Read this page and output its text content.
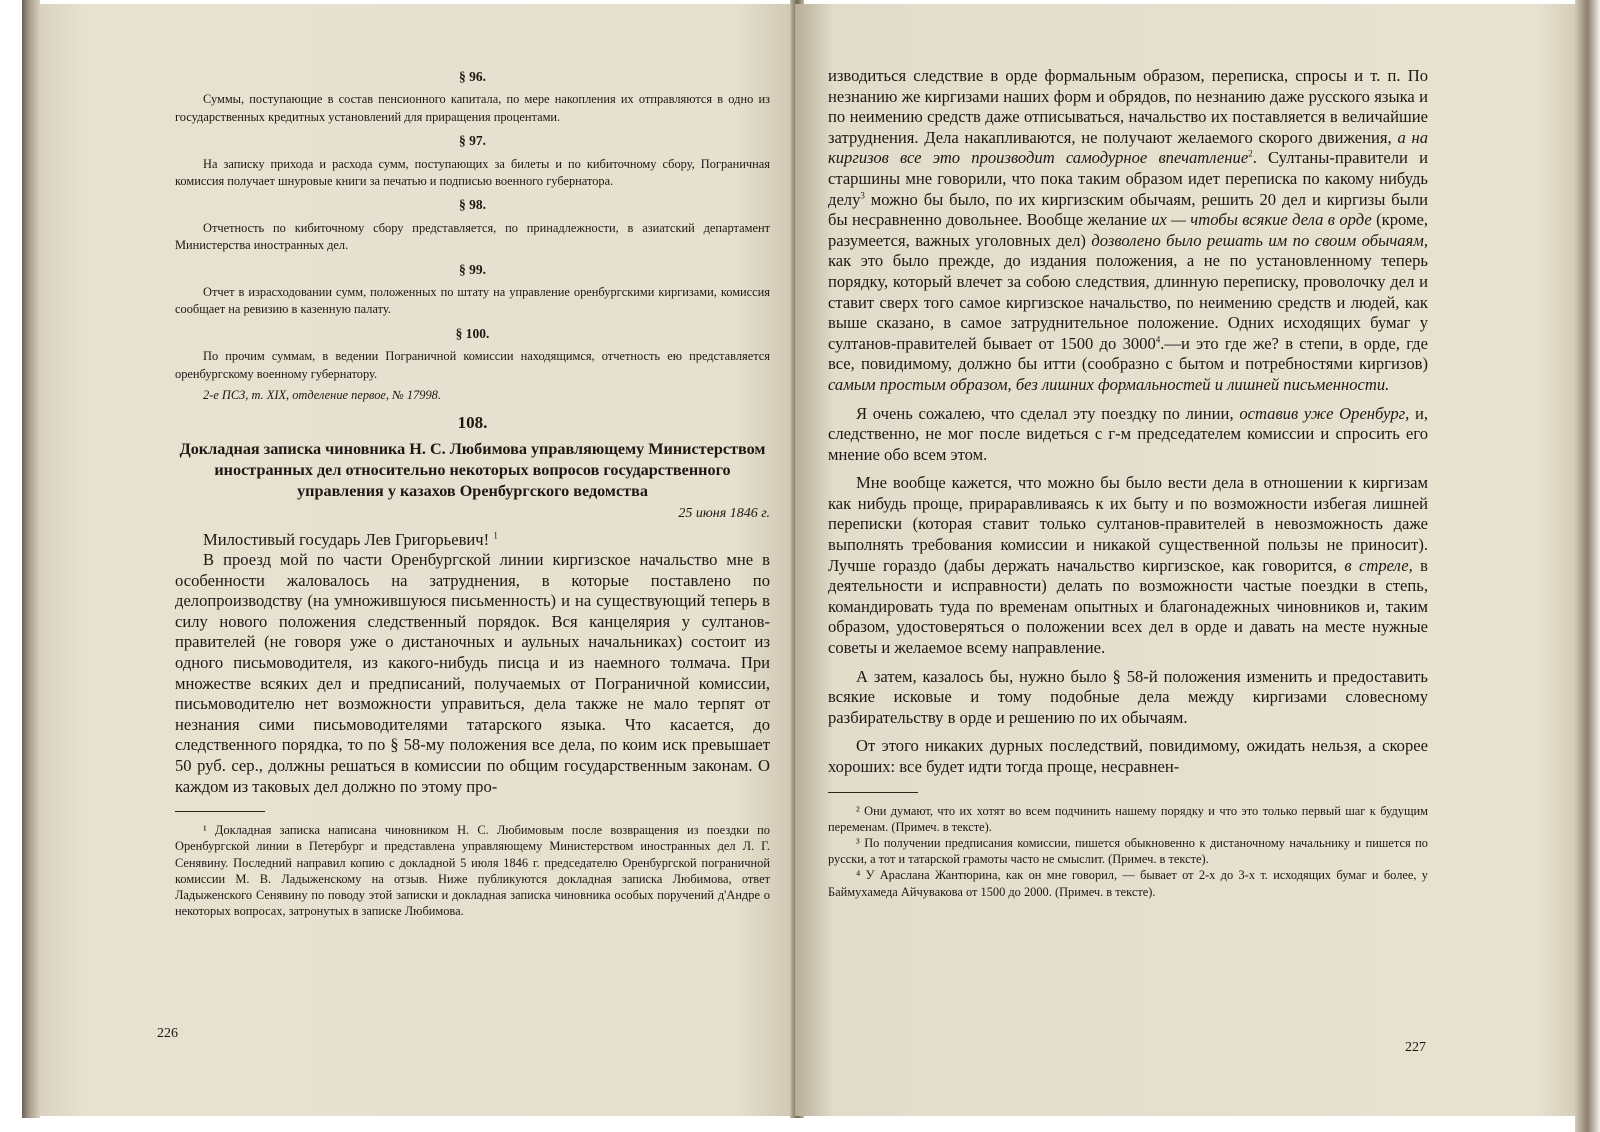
§ 96.

Суммы, поступающие в состав пенсионного капитала, по мере накопления их отправляются в одно из государственных кредитных установлений для приращения процентами.

§ 97.

На записку прихода и расхода сумм, поступающих за билеты и по кибиточному сбору, Пограничная комиссия получает шнуровые книги за печатью и подписью военного губернатора.

§ 98.

Отчетность по кибиточному сбору представляется, по принадлежности, в азиатский департамент Министерства иностранных дел.

§ 99.

Отчет в израсходовании сумм, положенных по штату на управление оренбургскими киргизами, комиссия сообщает на ревизию в казенную палату.

§ 100.

По прочим суммам, в ведении Пограничной комиссии находящимся, отчетность ею представляется оренбургскому военному губернатору.

2-е ПСЗ, т. XIX, отделение первое, № 17998.

108.
Докладная записка чиновника Н. С. Любимова управляющему Министерством иностранных дел относительно некоторых вопросов государственного управления у казахов Оренбургского ведомства
25 июня 1846 г.

Милостивый государь Лев Григорьевич! $^1$

В проезд мой по части Оренбургской линии киргизское начальство мне в особенности жаловалось на затруднения, в которые поставлено по делопроизводству (на умножившуюся письменность) и на существующий теперь в силу нового положения следственный порядок. Вся канцелярия у султанов-правителей (не говоря уже о дистаночных и аульных начальниках) состоит из одного письмоводителя, из какого-нибудь писца и из наемного толмача. При множестве всяких дел и предписаний, получаемых от Пограничной комиссии, письмоводителю нет возможности управиться, дела также не мало терпят от незнания сими письмоводителями татарского языка. Что касается, до следственного порядка, то по § 58-му положения все дела, по коим иск превышает 50 руб. сер., должны решаться в комиссии по общим государственным законам. О каждом из таковых дел должно по этому про-

¹ Докладная записка написана чиновником Н. С. Любимовым после возвращения из поездки по Оренбургской линии в Петербург и представлена управляющему Министерством иностранных дел Л. Г. Сенявину. Последний направил копию с докладной 5 июля 1846 г. председателю Оренбургской пограничной комиссии М. В. Ладыженскому на отзыв. Ниже публикуются докладная записка Любимова, ответ Ладыженского Сенявину по поводу этой записки и докладная записка чиновника особых поручений д'Андре о некоторых вопросах, затронутых в записке Любимова.

226

изводиться следствие в орде формальным образом, переписка, спросы и т. п. По незнанию же киргизами наших форм и обрядов, по незнанию даже русского языка и по неимению средств даже отписываться, начальство их поставляется в величайшие затруднения. Дела накапливаются, не получают желаемого скорого движения, а на киргизов все это производит самодурное впечатление$^2$. Султаны-правители и старшины мне говорили, что пока таким образом идет переписка по какому нибудь делу$^3$ можно бы было, по их киргизским обычаям, решить 20 дел и киргизы были бы несравненно довольнее. Вообще желание их — чтобы всякие дела в орде (кроме, разумеется, важных уголовных дел) дозволено было решать им по своим обычаям, как это было прежде, до издания положения, а не по установленному теперь порядку, который влечет за собою следствия, длинную переписку, проволочку дел и ставит сверх того самое киргизское начальство, по неимению средств и людей, как выше сказано, в самое затруднительное положение. Одних исходящих бумаг у султанов-правителей бывает от 1500 до 3000$^4$.—и это где же? в степи, в орде, где все, повидимому, должно бы итти (сообразно с бытом и потребностями киргизов) самым простым образом, без лишних формальностей и лишней письменности.

Я очень сожалею, что сделал эту поездку по линии, оставив уже Оренбург, и, следственно, не мог после видеться с г-м председателем комиссии и спросить его мнение обо всем этом.

Мне вообще кажется, что можно бы было вести дела в отношении к киргизам как нибудь проще, прираравливаясь к их быту и по возможности избегая лишней переписки (которая ставит только султанов-правителей в невозможность даже выполнять требования комиссии и никакой существенной пользы не приносит). Лучше гораздо (дабы держать начальство киргизское, как говорится, в стреле, в деятельности и исправности) делать по возможности частые поездки в степь, командировать туда по временам опытных и благонадежных чиновников и, таким образом, удостоверяться о положении всех дел в орде и давать на месте нужные советы и желаемое всему направление.

А затем, казалось бы, нужно было § 58-й положения изменить и предоставить всякие исковые и тому подобные дела между киргизами словесному разбирательству в орде и решению по их обычаям.

От этого никаких дурных последствий, повидимому, ожидать нельзя, а скорее хороших: все будет идти тогда проще, несравнен-

² Они думают, что их хотят во всем подчинить нашему порядку и что это только первый шаг к будущим переменам. (Примеч. в тексте).

³ По получении предписания комиссии, пишется обыкновенно к дистаночному начальнику и пишется по русски, а тот и татарской грамоты часто не смыслит. (Примеч. в тексте).

⁴ У Араслана Жантюрина, как он мне говорил, — бывает от 2-х до 3-х т. исходящих бумаг и более, у Баймухамеда Айчувакова от 1500 до 2000. (Примеч. в тексте).

227
